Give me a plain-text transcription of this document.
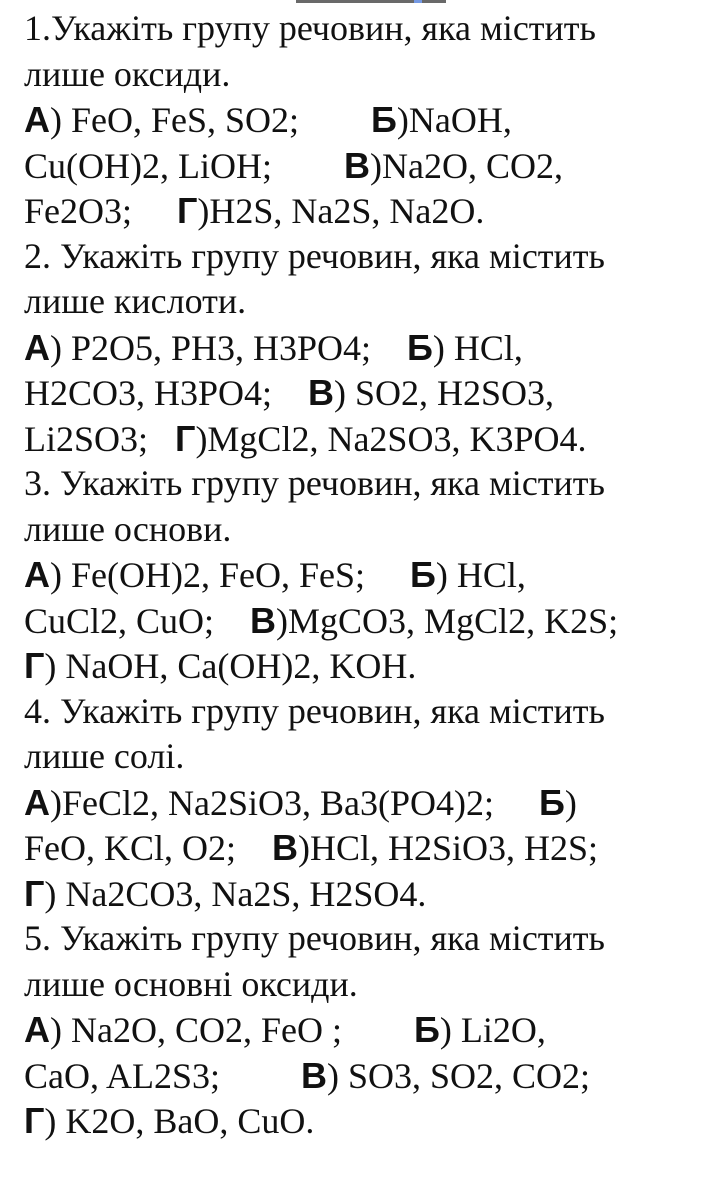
1.Укажіть групу речовин, яка містить
лише оксиди.
А) FeO, FeS, SO2;        Б)NaOH,
Cu(OH)2, LiOH;        В)Na2O, CO2,
Fe2O3;     Г)H2S, Na2S, Na2O.
2. Укажіть групу речовин, яка містить
лише кислоти.
А) P2O5, PH3, H3PO4;    Б) HCl,
H2CO3, H3PO4;    В) SO2, H2SO3,
Li2SO3;   Г)MgCl2, Na2SO3, K3PO4.
3. Укажіть групу речовин, яка містить
лише основи.
А) Fe(OH)2, FeO, FeS;     Б) HCl,
CuCl2, CuO;    В)MgCO3, MgCl2, K2S;
Г) NaOH, Ca(OH)2, KOH.
4. Укажіть групу речовин, яка містить
лише солі.
А)FeCl2, Na2SiO3, Ba3(PO4)2;     Б)
FeO, KCl, O2;    В)HCl, H2SiO3, H2S;
Г) Na2CO3, Na2S, H2SO4.
5. Укажіть групу речовин, яка містить
лише основні оксиди.
А) Na2O, CO2, FeO ;        Б) Li2O,
CaO, AL2S3;         В) SO3, SO2, CO2;
Г) K2O, BaO, CuO.
